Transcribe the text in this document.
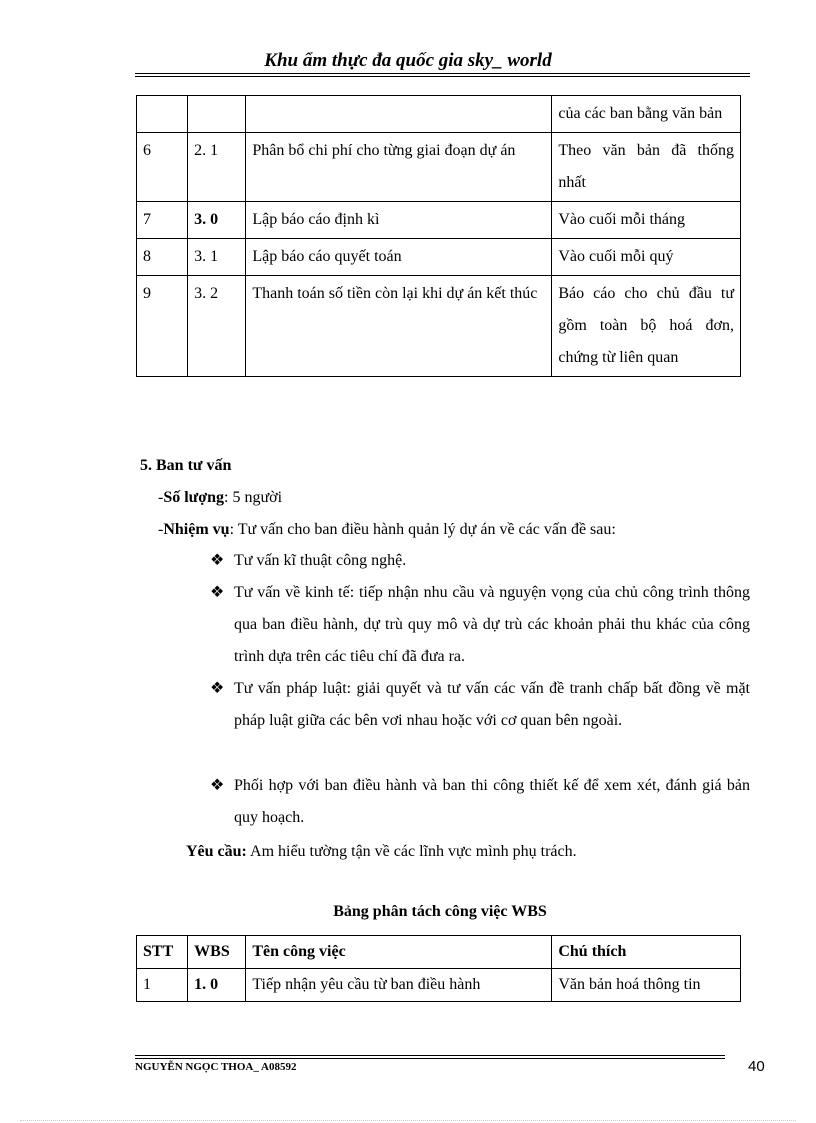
Khu ẩm thực đa quốc gia sky_ world
			của các ban bằng văn bản
6	2. 1	Phân bổ chi phí cho từng giai đoạn dự án	Theo văn bản đã thống nhất
7	3. 0	Lập báo cáo định kì	Vào cuối mỗi tháng
8	3. 1	Lập báo cáo quyết toán	Vào cuối mỗi quý
9	3. 2	Thanh toán số tiền còn lại khi dự án kết thúc	Báo cáo cho chủ đầu tư gồm toàn bộ hoá đơn, chứng từ liên quan
5. Ban tư vấn
-Số lượng: 5 người
-Nhiệm vụ: Tư vấn cho ban điều hành quản lý dự án về các vấn đề sau:
❖ Tư vấn kĩ thuật công nghệ.
❖ Tư vấn về kinh tế: tiếp nhận nhu cầu và nguyện vọng của chủ công trình thông qua ban điều hành, dự trù quy mô và dự trù các khoản phải thu khác của công trình dựa trên các tiêu chí đã đưa ra.
❖ Tư vấn pháp luật: giải quyết và tư vấn các vấn đề tranh chấp bất đồng về mặt pháp luật giữa các bên vơi nhau hoặc với cơ quan bên ngoài.
❖ Phối hợp với ban điều hành và ban thi công thiết kế để xem xét, đánh giá bản quy hoạch.
Yêu cầu: Am hiểu tường tận về các lĩnh vực mình phụ trách.
Bảng phân tách công việc WBS
STT	WBS	Tên công việc	Chú thích
1	1. 0	Tiếp nhận yêu cầu từ ban điều hành	Văn bản hoá thông tin
NGUYỄN NGỌC THOA_ A08592	40
